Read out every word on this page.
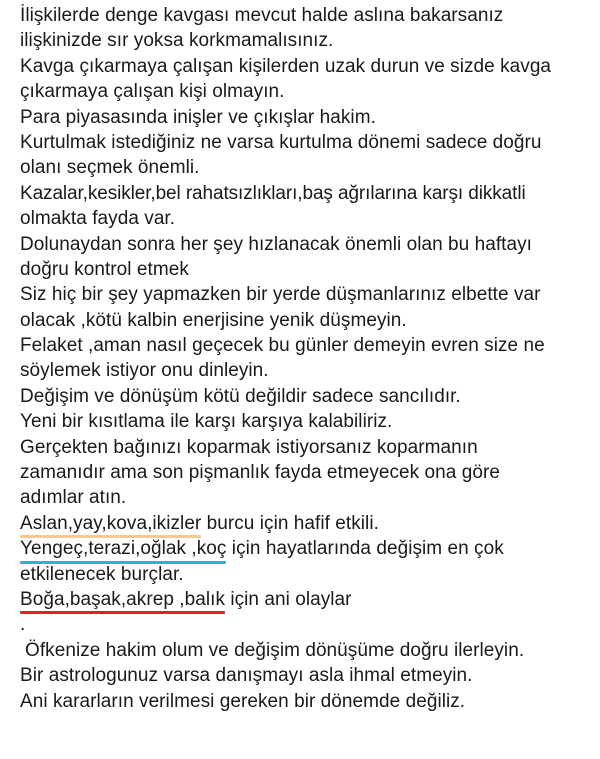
İlişkilerde denge kavgası mevcut halde aslına bakarsanız
ilişkinizde sır yoksa korkmamalısınız.
Kavga çıkarmaya çalışan kişilerden uzak durun ve sizde kavga
çıkarmaya çalışan kişi olmayın.
Para piyasasında inişler ve çıkışlar hakim.
Kurtulmak istediğiniz ne varsa kurtulma dönemi sadece doğru
olanı seçmek önemli.
Kazalar,kesikler,bel rahatsızlıkları,baş ağrılarına karşı dikkatli
olmakta fayda var.
Dolunaydan sonra her şey hızlanacak önemli olan bu haftayı
doğru kontrol etmek
Siz hiç bir şey yapmazken bir yerde düşmanlarınız elbette var
olacak ,kötü kalbin enerjisine yenik düşmeyin.
Felaket ,aman nasıl geçecek bu günler demeyin evren size ne
söylemek istiyor onu dinleyin.
Değişim ve dönüşüm kötü değildir sadece sancılıdır.
Yeni bir kısıtlama ile karşı karşıya kalabiliriz.
Gerçekten bağınızı koparmak istiyorsanız koparmanın
zamanıdır ama son pişmanlık fayda etmeyecek ona göre
adımlar atın.
Aslan,yay,kova,ikizler burcu için hafif etkili.
Yengeç,terazi,oğlak ,koç için hayatlarında değişim en çok
etkilenecek burçlar.
Boğa,başak,akrep ,balık için ani olaylar
.
Öfkenize hakim olum ve değişim dönüşüme doğru ilerleyin.
Bir astrologunuz varsa danışmayı asla ihmal etmeyin.
Ani kararların verilmesi gereken bir dönemde değiliz.
